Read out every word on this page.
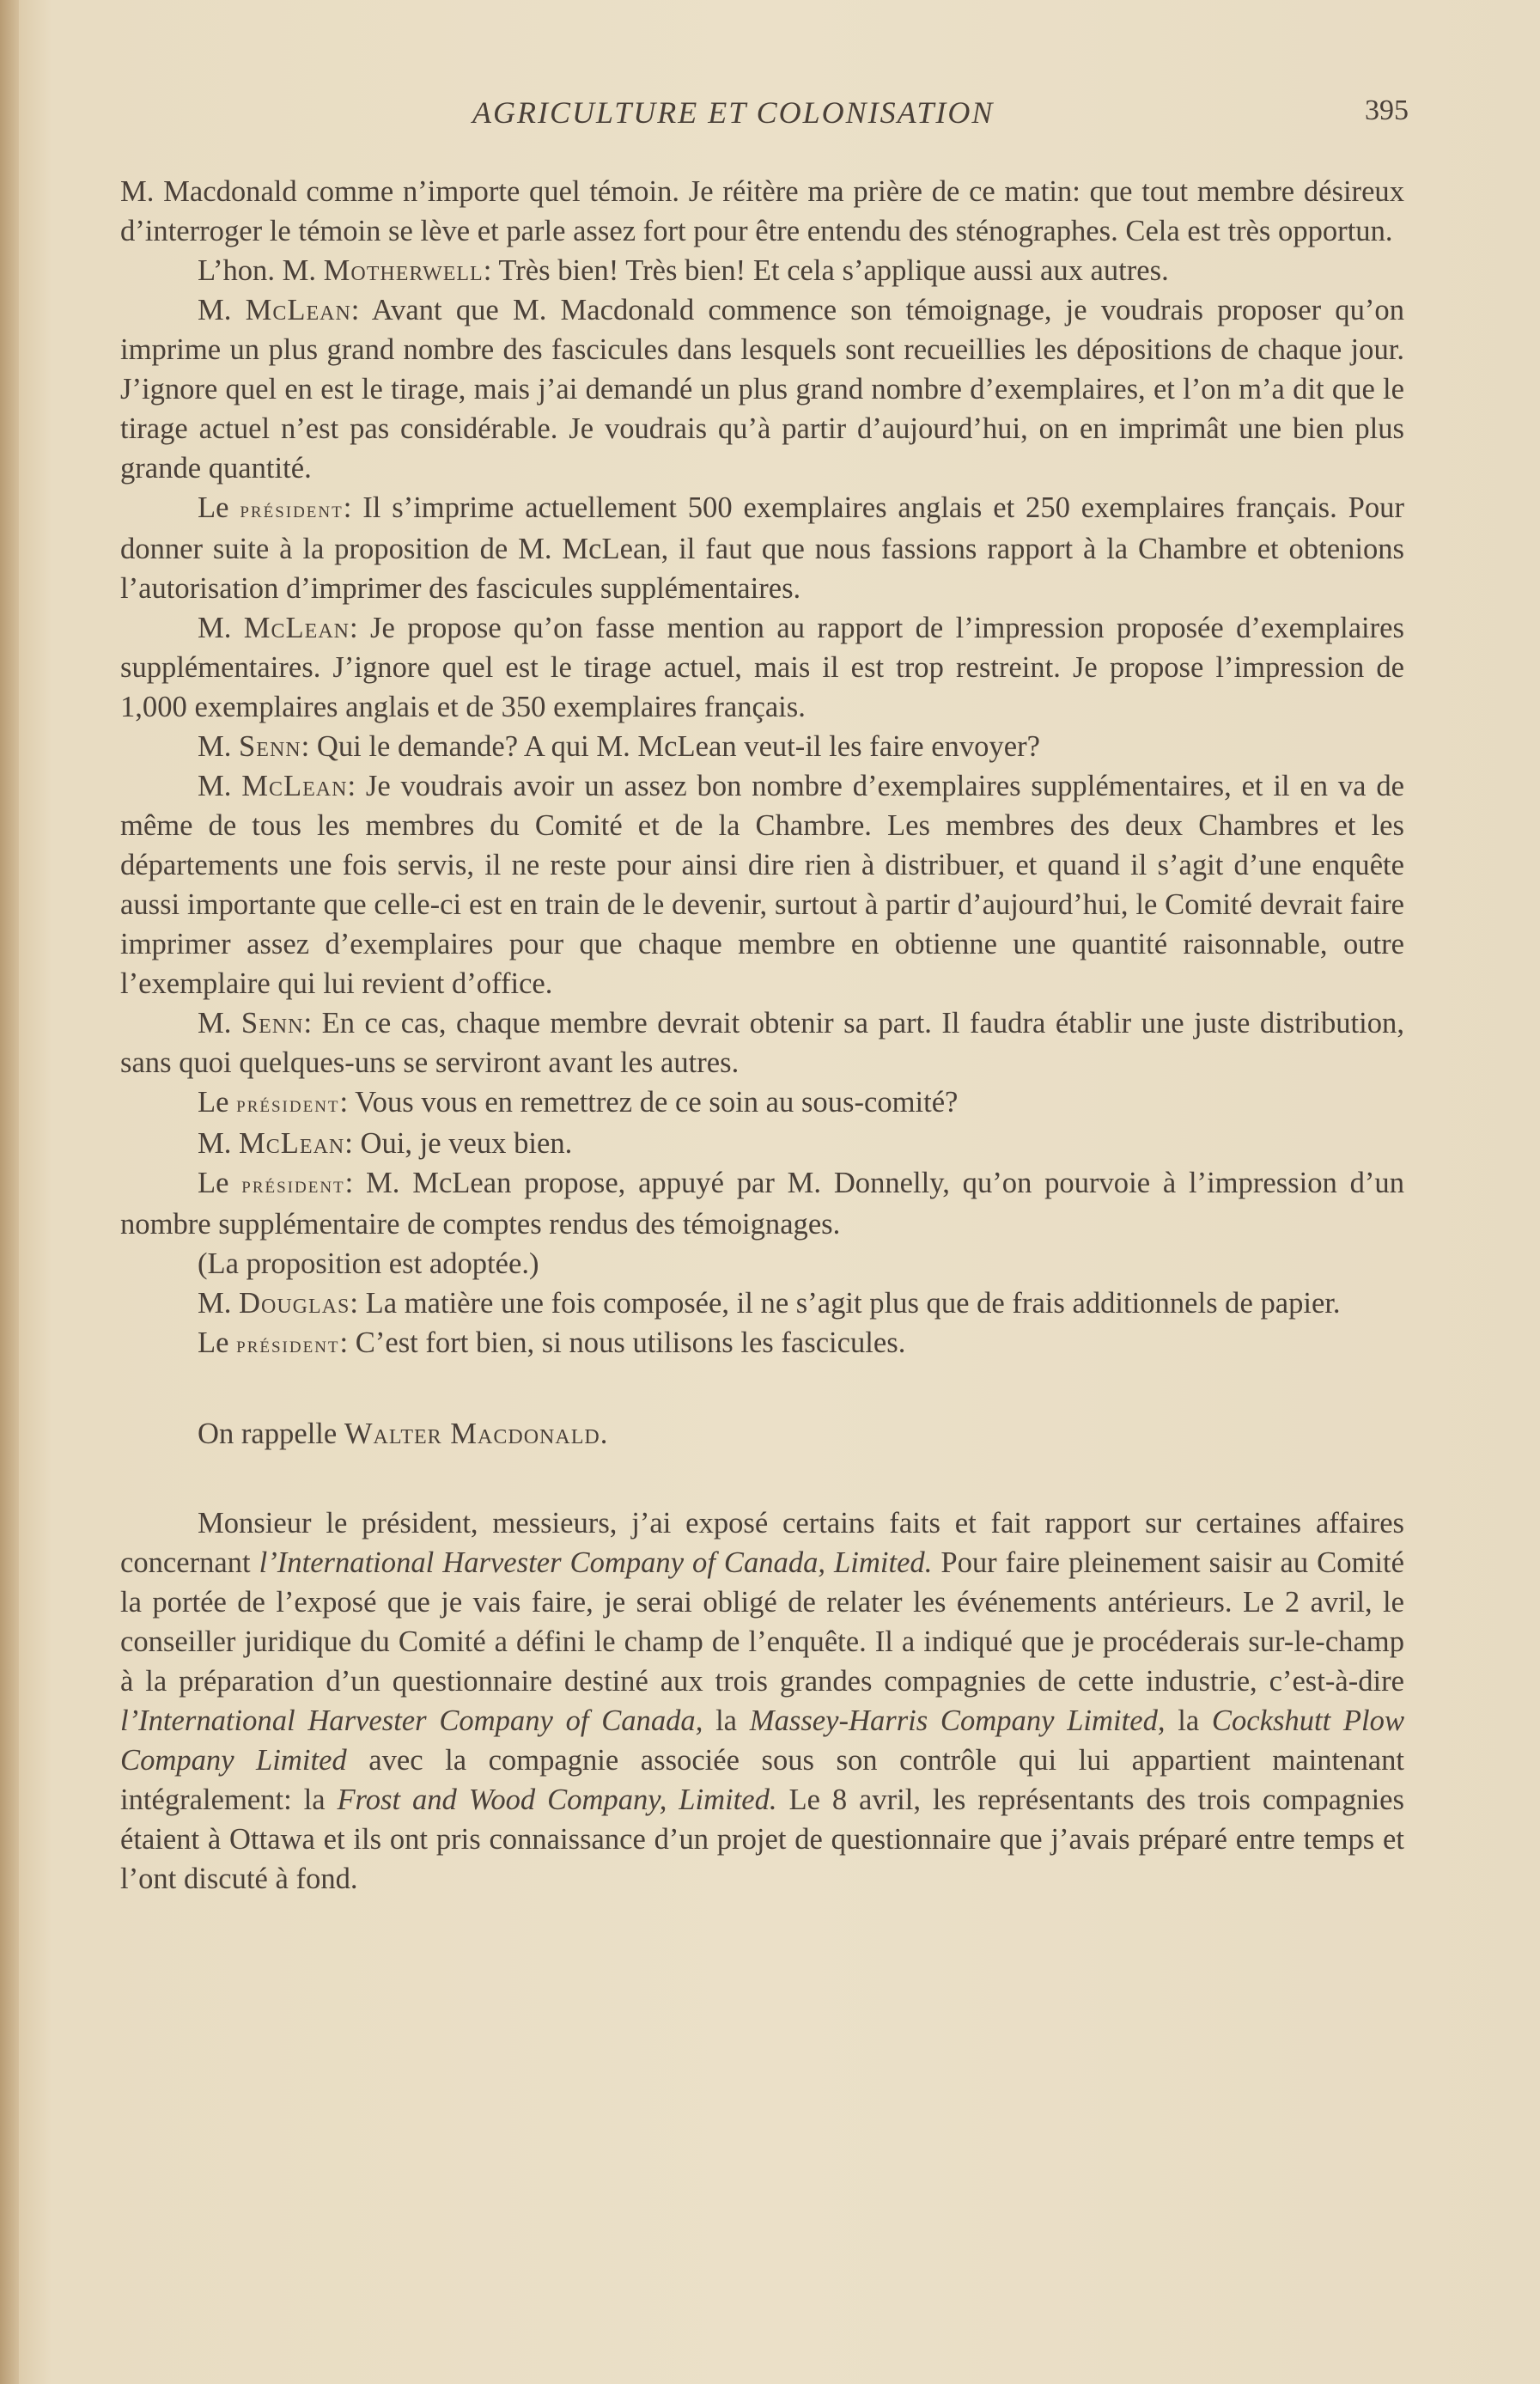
AGRICULTURE ET COLONISATION	395

M. Macdonald comme n’importe quel témoin. Je réitère ma prière de ce matin: que tout membre désireux d’interroger le témoin se lève et parle assez fort pour être entendu des sténographes. Cela est très opportun.

L’hon. M. Motherwell: Très bien! Très bien! Et cela s’applique aussi aux autres.

M. McLean: Avant que M. Macdonald commence son témoignage, je voudrais proposer qu’on imprime un plus grand nombre des fascicules dans lesquels sont recueillies les dépositions de chaque jour. J’ignore quel en est le tirage, mais j’ai demandé un plus grand nombre d’exemplaires, et l’on m’a dit que le tirage actuel n’est pas considérable. Je voudrais qu’à partir d’aujourd’hui, on en imprimât une bien plus grande quantité.

Le président: Il s’imprime actuellement 500 exemplaires anglais et 250 exemplaires français. Pour donner suite à la proposition de M. McLean, il faut que nous fassions rapport à la Chambre et obtenions l’autorisation d’imprimer des fascicules supplémentaires.

M. McLean: Je propose qu’on fasse mention au rapport de l’impression proposée d’exemplaires supplémentaires. J’ignore quel est le tirage actuel, mais il est trop restreint. Je propose l’impression de 1,000 exemplaires anglais et de 350 exemplaires français.

M. Senn: Qui le demande? A qui M. McLean veut-il les faire envoyer?

M. McLean: Je voudrais avoir un assez bon nombre d’exemplaires supplémentaires, et il en va de même de tous les membres du Comité et de la Chambre. Les membres des deux Chambres et les départements une fois servis, il ne reste pour ainsi dire rien à distribuer, et quand il s’agit d’une enquête aussi importante que celle-ci est en train de le devenir, surtout à partir d’aujourd’hui, le Comité devrait faire imprimer assez d’exemplaires pour que chaque membre en obtienne une quantité raisonnable, outre l’exemplaire qui lui revient d’office.

M. Senn: En ce cas, chaque membre devrait obtenir sa part. Il faudra établir une juste distribution, sans quoi quelques-uns se serviront avant les autres.

Le président: Vous vous en remettrez de ce soin au sous-comité?

M. McLean: Oui, je veux bien.

Le président: M. McLean propose, appuyé par M. Donnelly, qu’on pourvoie à l’impression d’un nombre supplémentaire de comptes rendus des témoignages.

(La proposition est adoptée.)

M. Douglas: La matière une fois composée, il ne s’agit plus que de frais additionnels de papier.

Le président: C’est fort bien, si nous utilisons les fascicules.

On rappelle Walter Macdonald.

Monsieur le président, messieurs, j’ai exposé certains faits et fait rapport sur certaines affaires concernant l’International Harvester Company of Canada, Limited. Pour faire pleinement saisir au Comité la portée de l’exposé que je vais faire, je serai obligé de relater les événements antérieurs. Le 2 avril, le conseiller juridique du Comité a défini le champ de l’enquête. Il a indiqué que je procéderais sur-le-champ à la préparation d’un questionnaire destiné aux trois grandes compagnies de cette industrie, c’est-à-dire l’International Harvester Company of Canada, la Massey-Harris Company Limited, la Cockshutt Plow Company Limited avec la compagnie associée sous son contrôle qui lui appartient maintenant intégralement: la Frost and Wood Company, Limited. Le 8 avril, les représentants des trois compagnies étaient à Ottawa et ils ont pris connaissance d’un projet de questionnaire que j’avais préparé entre temps et l’ont discuté à fond.
